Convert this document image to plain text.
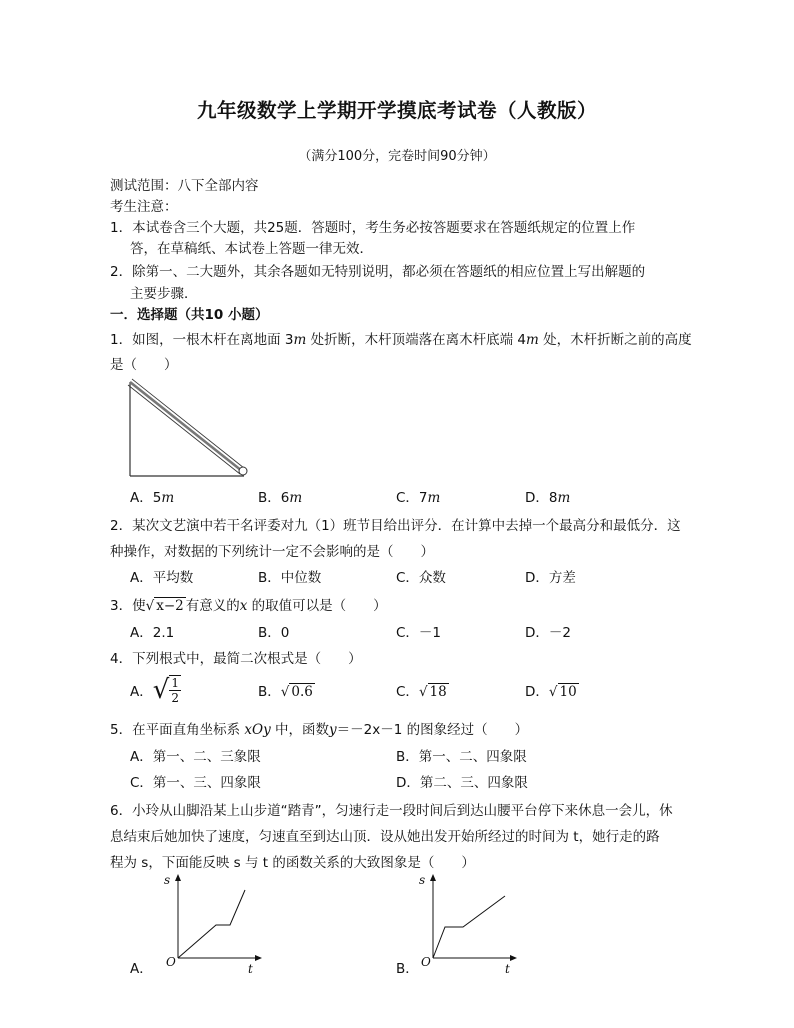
九年级数学上学期开学摸底考试卷（人教版）
（满分100分，完卷时间90分钟）
测试范围：八下全部内容
考生注意：
1．本试卷含三个大题，共25题．答题时，考生务必按答题要求在答题纸规定的位置上作
答，在草稿纸、本试卷上答题一律无效．
2．除第一、二大题外，其余各题如无特别说明，都必须在答题纸的相应位置上写出解题的
主要步骤．
一．选择题（共10 小题）
1．如图，一根木杆在离地面 3m 处折断，木杆顶端落在离木杆底端 4m 处，木杆折断之前的高度
是（　　）
A．5m	B．6m	C．7m	D．8m
2．某次文艺演中若干名评委对九（1）班节目给出评分．在计算中去掉一个最高分和最低分．这
种操作，对数据的下列统计一定不会影响的是（　　）
A．平均数	B．中位数	C．众数	D．方差
3．使√ x−2 有意义的x 的取值可以是（　　）
A．2.1	B．0	C．－1	D．－2
4．下列根式中，最简二次根式是（　　）
A． √ $\frac{1}{2}$	B．√ 0.6	C．√ 18	D．√ 10
5．在平面直角坐标系 xOy 中，函数y＝－2x－1 的图象经过（　　）
A．第一、二、三象限	B．第一、二、四象限
C．第一、三、四象限	D．第二、三、四象限
6．小玲从山脚沿某上山步道“踏青”，匀速行走一段时间后到达山腰平台停下来休息一会儿，休
息结束后她加快了速度，匀速直至到达山顶．设从她出发开始所经过的时间为 t，她行走的路
程为 s，下面能反映 s 与 t 的函数关系的大致图象是（　　）
A．
s
t
O	B．
s
t
O
